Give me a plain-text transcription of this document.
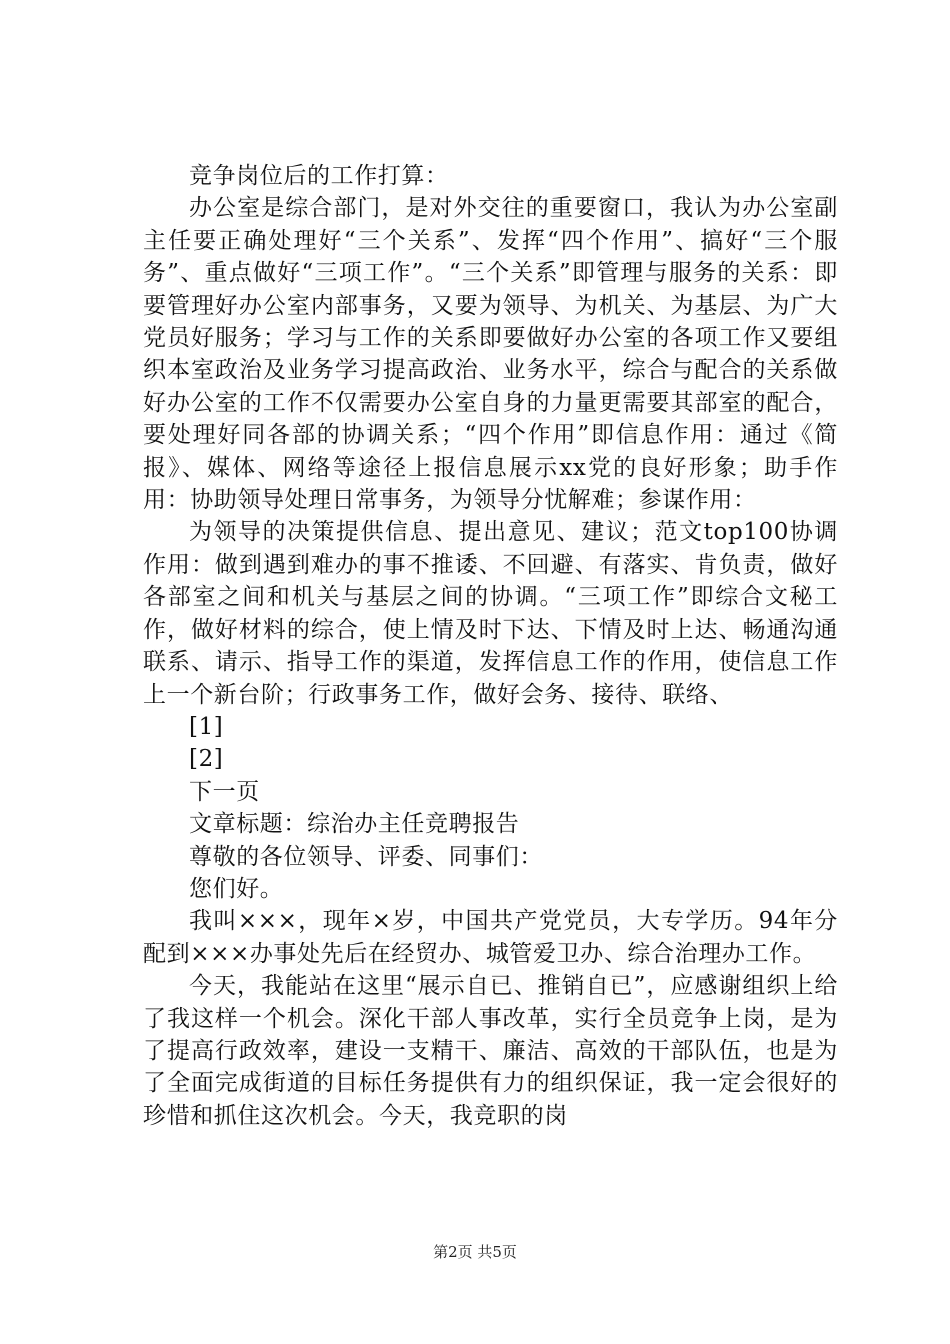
竞争岗位后的工作打算：

办公室是综合部门，是对外交往的重要窗口，我认为办公室副主任要正确处理好“三个关系”、发挥“四个作用”、搞好“三个服务”、重点做好“三项工作”。“三个关系”即管理与服务的关系：即要管理好办公室内部事务，又要为领导、为机关、为基层、为广大党员好服务；学习与工作的关系即要做好办公室的各项工作又要组织本室政治及业务学习提高政治、业务水平，综合与配合的关系做好办公室的工作不仅需要办公室自身的力量更需要其部室的配合，要处理好同各部的协调关系；“四个作用”即信息作用：通过《简报》、媒体、网络等途径上报信息展示xx党的良好形象；助手作用：协助领导处理日常事务，为领导分忧解难；参谋作用：

为领导的决策提供信息、提出意见、建议；范文top100协调作用：做到遇到难办的事不推诿、不回避、有落实、肯负责，做好各部室之间和机关与基层之间的协调。“三项工作”即综合文秘工作，做好材料的综合，使上情及时下达、下情及时上达、畅通沟通联系、请示、指导工作的渠道，发挥信息工作的作用，使信息工作上一个新台阶；行政事务工作，做好会务、接待、联络、

[1]

[2]

下一页

文章标题：综治办主任竞聘报告

尊敬的各位领导、评委、同事们：

您们好。

我叫×××，现年×岁，中国共产党党员，大专学历。94年分配到×××办事处先后在经贸办、城管爱卫办、综合治理办工作。

今天，我能站在这里“展示自已、推销自已”，应感谢组织上给了我这样一个机会。深化干部人事改革，实行全员竞争上岗，是为了提高行政效率，建设一支精干、廉洁、高效的干部队伍，也是为了全面完成街道的目标任务提供有力的组织保证，我一定会很好的珍惜和抓住这次机会。今天，我竞职的岗

第2页 共5页
